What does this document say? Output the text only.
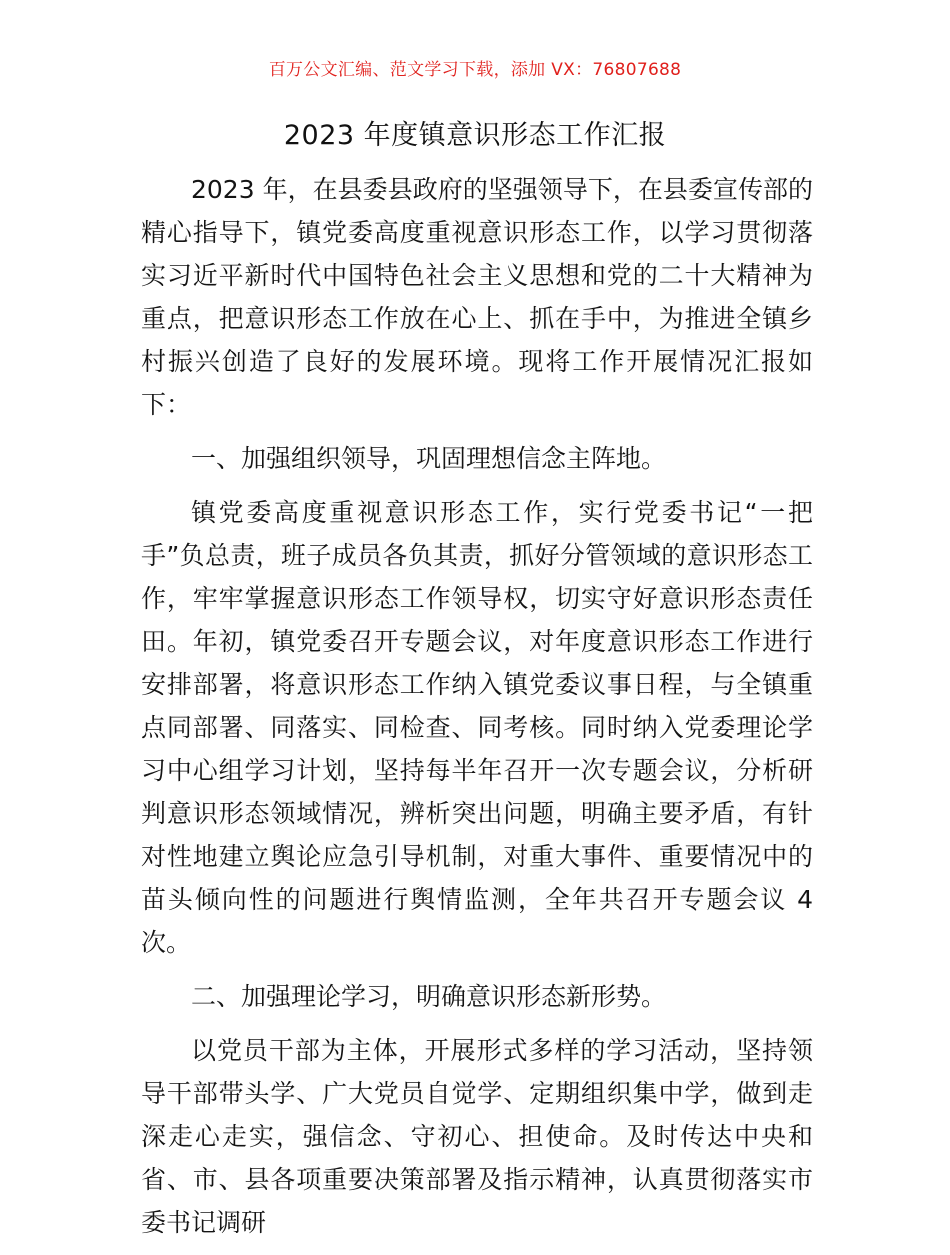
百万公文汇编、范文学习下载，添加 VX：76807688
2023 年度镇意识形态工作汇报

2023 年，在县委县政府的坚强领导下，在县委宣传部的精心指导下，镇党委高度重视意识形态工作，以学习贯彻落实习近平新时代中国特色社会主义思想和党的二十大精神为重点，把意识形态工作放在心上、抓在手中，为推进全镇乡村振兴创造了良好的发展环境。现将工作开展情况汇报如下：

一、加强组织领导，巩固理想信念主阵地。

镇党委高度重视意识形态工作，实行党委书记“一把手”负总责，班子成员各负其责，抓好分管领域的意识形态工作，牢牢掌握意识形态工作领导权，切实守好意识形态责任田。年初，镇党委召开专题会议，对年度意识形态工作进行安排部署，将意识形态工作纳入镇党委议事日程，与全镇重点同部署、同落实、同检查、同考核。同时纳入党委理论学习中心组学习计划，坚持每半年召开一次专题会议，分析研判意识形态领域情况，辨析突出问题，明确主要矛盾，有针对性地建立舆论应急引导机制，对重大事件、重要情况中的苗头倾向性的问题进行舆情监测，全年共召开专题会议 4 次。

二、加强理论学习，明确意识形态新形势。

以党员干部为主体，开展形式多样的学习活动，坚持领导干部带头学、广大党员自觉学、定期组织集中学，做到走深走心走实，强信念、守初心、担使命。及时传达中央和省、市、县各项重要决策部署及指示精神，认真贯彻落实市委书记调研
